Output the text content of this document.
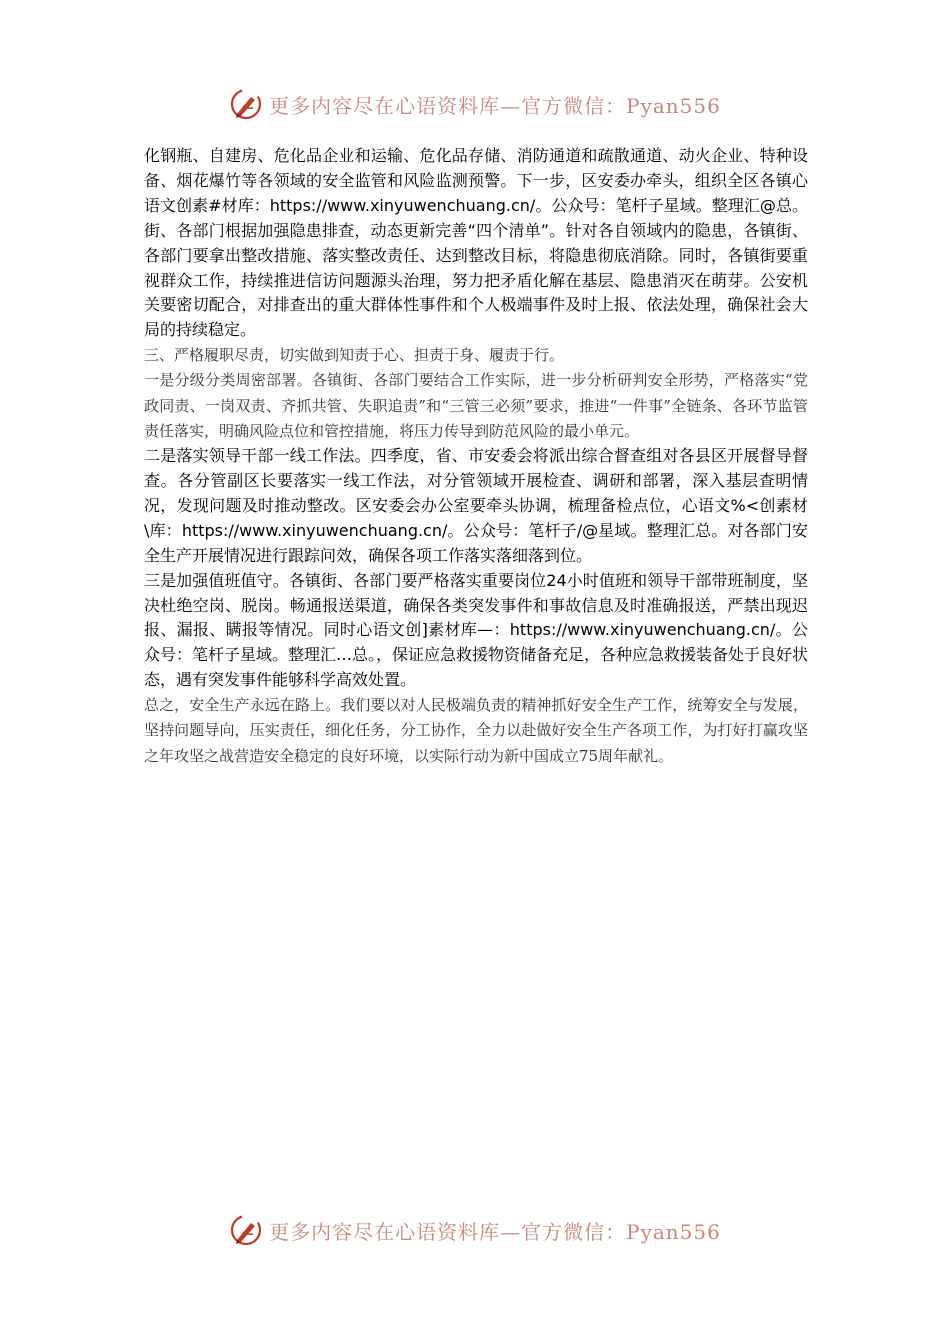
更多内容尽在心语资料库—官方微信：Pyan556

化钢瓶、自建房、危化品企业和运输、危化品存储、消防通道和疏散通道、动火企业、特种设备、烟花爆竹等各领域的安全监管和风险监测预警。下一步，区安委办牵头，组织全区各镇心语文创素#材库：https://www.xinyuwenchuang.cn/。公众号：笔杆子星域。整理汇@总。街、各部门根据加强隐患排查，动态更新完善“四个清单”。针对各自领域内的隐患，各镇街、各部门要拿出整改措施、落实整改责任、达到整改目标，将隐患彻底消除。同时，各镇街要重视群众工作，持续推进信访问题源头治理，努力把矛盾化解在基层、隐患消灭在萌芽。公安机关要密切配合，对排查出的重大群体性事件和个人极端事件及时上报、依法处理，确保社会大局的持续稳定。

三、严格履职尽责，切实做到知责于心、担责于身、履责于行。

一是分级分类周密部署。各镇街、各部门要结合工作实际，进一步分析研判安全形势，严格落实“党政同责、一岗双责、齐抓共管、失职追责”和“三管三必须”要求，推进“一件事”全链条、各环节监管责任落实，明确风险点位和管控措施，将压力传导到防范风险的最小单元。

二是落实领导干部一线工作法。四季度，省、市安委会将派出综合督查组对各县区开展督导督查。各分管副区长要落实一线工作法，对分管领域开展检查、调研和部署，深入基层查明情况，发现问题及时推动整改。区安委会办公室要牵头协调，梳理备检点位，心语文%<创素材\库：https://www.xinyuwenchuang.cn/。公众号：笔杆子/@星域。整理汇总。对各部门安全生产开展情况进行跟踪问效，确保各项工作落实落细落到位。

三是加强值班值守。各镇街、各部门要严格落实重要岗位24小时值班和领导干部带班制度，坚决杜绝空岗、脱岗。畅通报送渠道，确保各类突发事件和事故信息及时准确报送，严禁出现迟报、漏报、瞒报等情况。同时心语文创]素材库—：https://www.xinyuwenchuang.cn/。公众号：笔杆子星域。整理汇…总。，保证应急救援物资储备充足，各种应急救援装备处于良好状态，遇有突发事件能够科学高效处置。

总之，安全生产永远在路上。我们要以对人民极端负责的精神抓好安全生产工作，统筹安全与发展，坚持问题导向，压实责任，细化任务，分工协作，全力以赴做好安全生产各项工作，为打好打赢攻坚之年攻坚之战营造安全稳定的良好环境，以实际行动为新中国成立75周年献礼。

更多内容尽在心语资料库—官方微信：Pyan556
